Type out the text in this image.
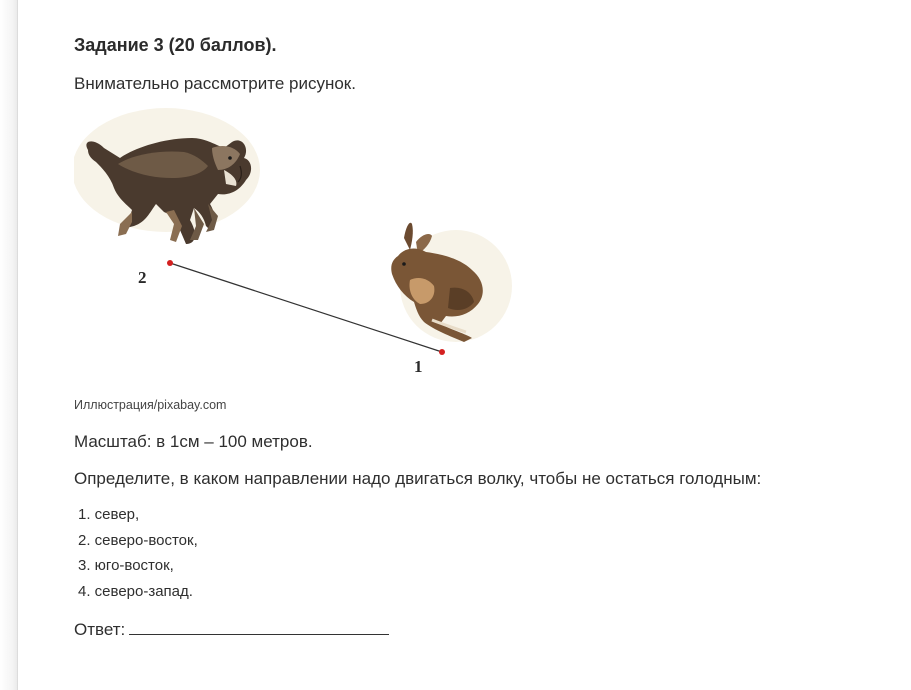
Задание 3 (20 баллов).
Внимательно рассмотрите рисунок.
2
1
Иллюстрация/pixabay.com
Масштаб: в 1см – 100 метров.
Определите, в каком направлении надо двигаться волку, чтобы не остаться голодным:
1. север,
2. северо-восток,
3. юго-восток,
4. северо-запад.
Ответ:
